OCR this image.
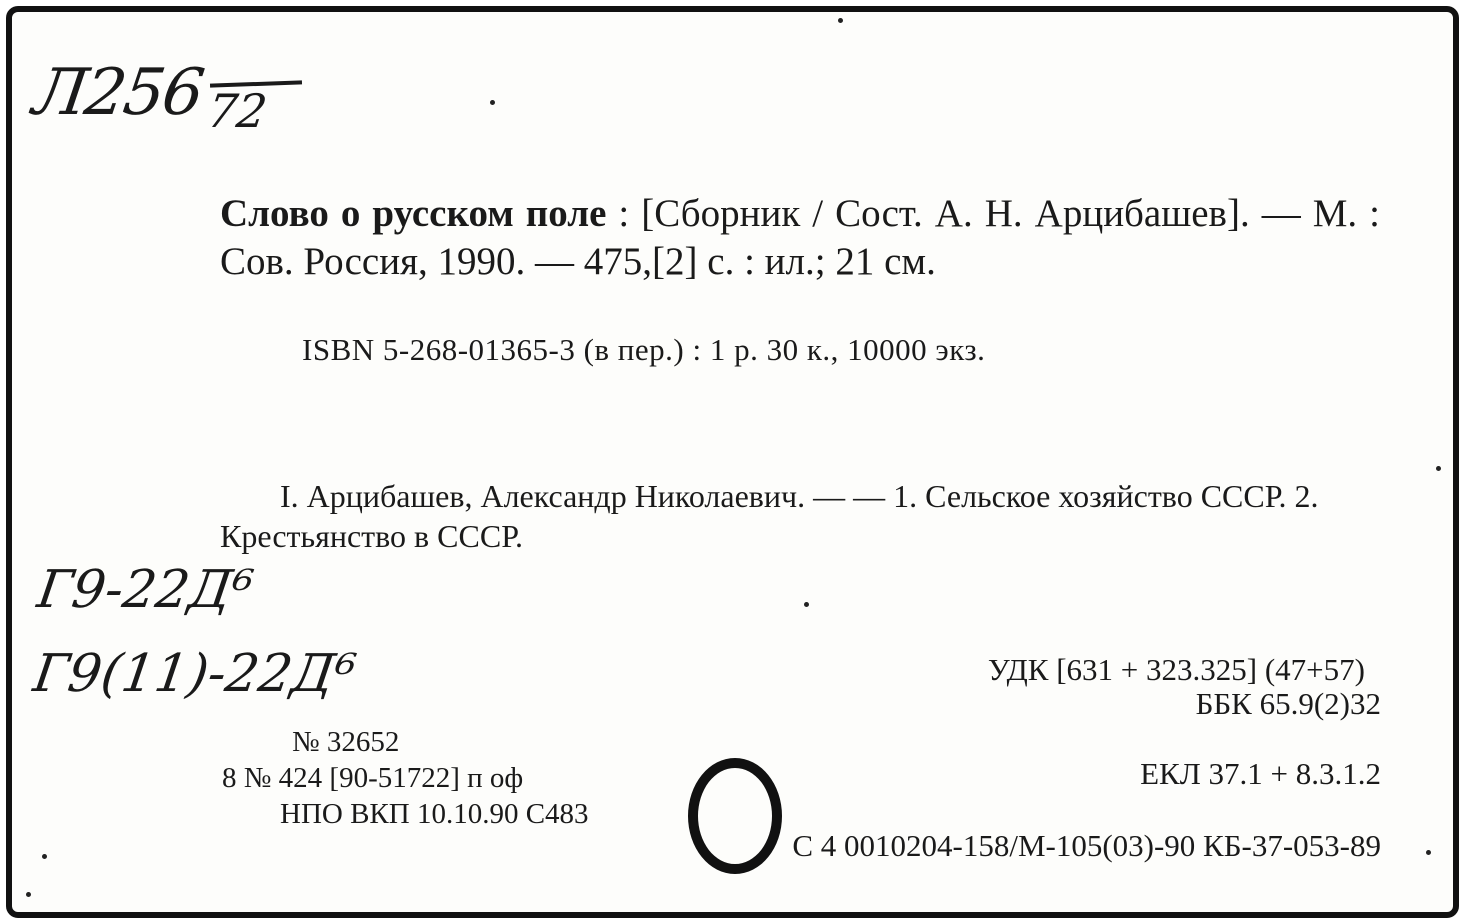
Л256
72
Слово о русском поле : [Сборник / Сост. А. Н. Арцибашев]. — М. : Сов. Россия, 1990. — 475,[2] с. : ил.; 21 см.
ISBN 5-268-01365-3 (в пер.) : 1 р. 30 к., 10000 экз.
I. Арцибашев, Александр Николаевич. — — 1. Сельское хозяйство СССР. 2. Крестьянство в СССР.
Г9-22Д⁶
Г9(11)-22Д⁶	УДК [631 + 323.325] (47+57)
ББК 65.9(2)32
ЕКЛ 37.1 + 8.3.1.2
№ 32652
8 № 424 [90-51722] п оф
НПО ВКП 10.10.90 С483
С 4 0010204-158/М-105(03)-90 КБ-37-053-89
